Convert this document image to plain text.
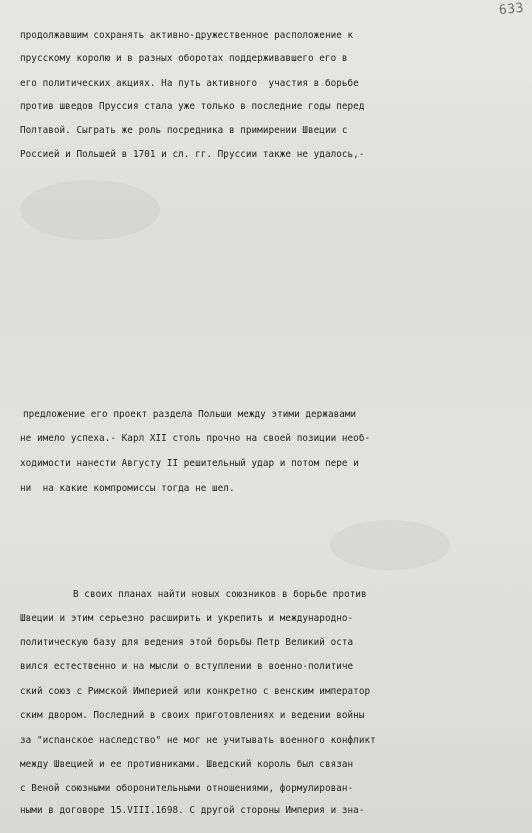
633
продолжавшим сохранять активно-дружественное расположение к
прусскому королю и в разных оборотах поддерживавшего его в
его политических акциях. На путь активного  участия в борьбе
против шведов Пруссия стала уже только в последние годы перед
Полтавой. Сыграть же роль посредника в примирении Швеции с
Россией и Польшей в 1701 и сл. гг. Пруссии также не удалось,-
предложение его проект раздела Польши между этими державами
не имело успеха.- Карл XII столь прочно на своей позиции необ-
ходимости нанести Августу II решительный удар и потом пере и
ни  на какие компромиссы тогда не шел.
В своих планах найти новых союзников в борьбе против
Швеции и этим серьезно расширить и укрепить и международно-
политическую базу для ведения этой борьбы Петр Великий оста
вился естественно и на мысли о вступлении в военно-политиче
ский союз с Римской Империей или конкретно с венским император
ским двором. Последний в своих приготовлениях и ведении войны
за "испанское наследство" не мог не учитывать военного конфликт
между Швецией и ее противниками. Шведский король был связан
с Веной союзными оборонительными отношениями, формулирован-
ными в договоре 15.VIII.1698. С другой стороны Империя и зна-
